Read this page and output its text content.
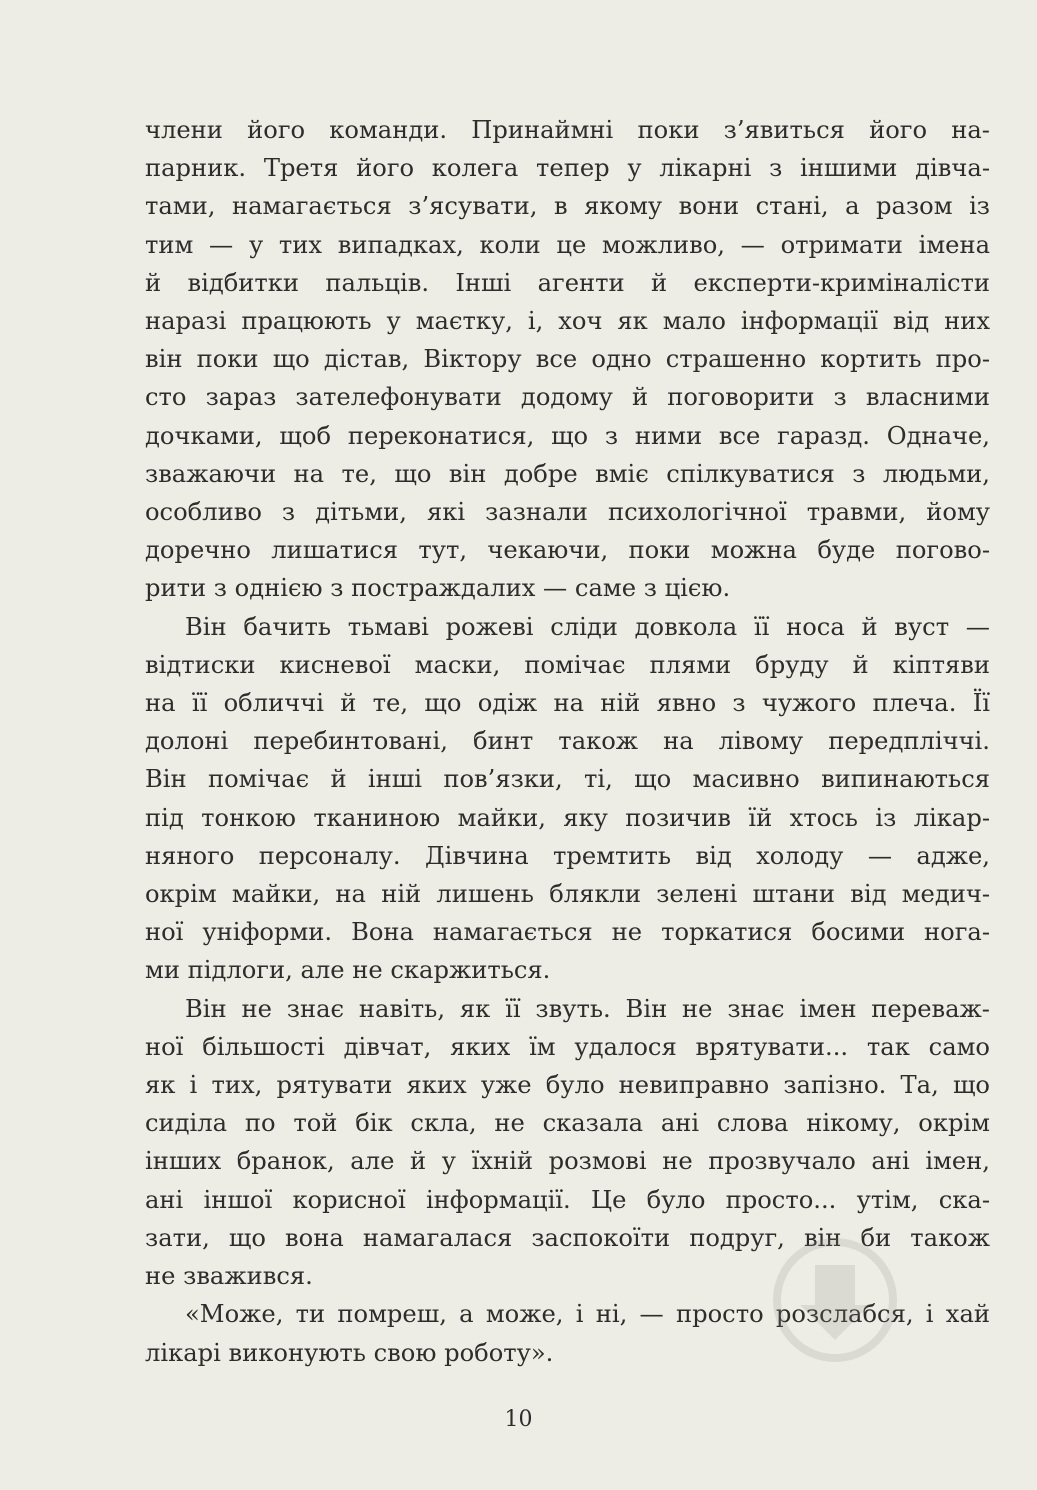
члени його команди. Принаймні поки з’явиться його на-

парник. Третя його колега тепер у лікарні з іншими дівча-

тами, намагається з’ясувати, в якому вони стані, а разом із

тим — у тих випадках, коли це можливо, — отримати імена

й відбитки пальців. Інші агенти й експерти-криміналісти

наразі працюють у маєтку, і, хоч як мало інформації від них

він поки що дістав, Віктору все одно страшенно кортить про-

сто зараз зателефонувати додому й поговорити з власними

дочками, щоб переконатися, що з ними все гаразд. Одначе,

зважаючи на те, що він добре вміє спілкуватися з людьми,

особливо з дітьми, які зазнали психологічної травми, йому

доречно лишатися тут, чекаючи, поки можна буде погово-

рити з однією з постраждалих — саме з цією.

Він бачить тьмаві рожеві сліди довкола її носа й вуст —

відтиски кисневої маски, помічає плями бруду й кіптяви

на її обличчі й те, що одіж на ній явно з чужого плеча. Її

долоні перебинтовані, бинт також на лівому передпліччі.

Він помічає й інші пов’язки, ті, що масивно випинаються

під тонкою тканиною майки, яку позичив їй хтось із лікар-

няного персоналу. Дівчина тремтить від холоду — адже,

окрім майки, на ній лишень блякли зелені штани від медич-

ної уніформи. Вона намагається не торкатися босими нога-

ми підлоги, але не скаржиться.

Він не знає навіть, як її звуть. Він не знає імен переваж-

ної більшості дівчат, яких їм удалося врятувати... так само

як і тих, рятувати яких уже було невиправно запізно. Та, що

сиділа по той бік скла, не сказала ані слова нікому, окрім

інших бранок, але й у їхній розмові не прозвучало ані імен,

ані іншої корисної інформації. Це було просто... утім, ска-

зати, що вона намагалася заспокоїти подруг, він би також

не зважився.

«Може, ти помреш, а може, і ні, — просто розслабся, і хай

лікарі виконують свою роботу».

10
